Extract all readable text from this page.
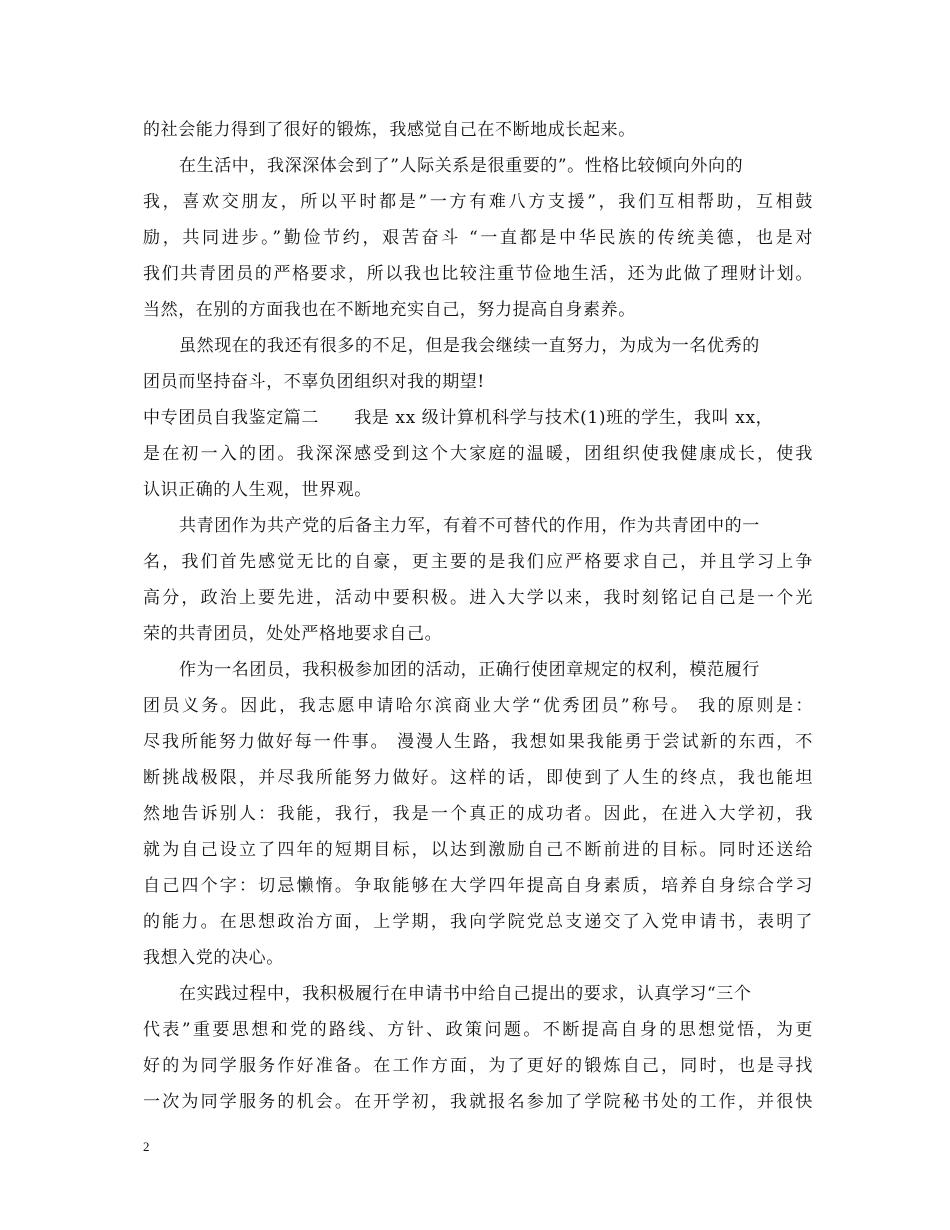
的社会能力得到了很好的锻炼，我感觉自己在不断地成长起来。
在生活中，我深深体会到了”人际关系是很重要的”。性格比较倾向外向的
我，喜欢交朋友，所以平时都是”一方有难八方支援”，我们互相帮助，互相鼓
励，共同进步。”勤俭节约，艰苦奋斗 “一直都是中华民族的传统美德，也是对
我们共青团员的严格要求，所以我也比较注重节俭地生活，还为此做了理财计划。
当然，在别的方面我也在不断地充实自己，努力提高自身素养。
虽然现在的我还有很多的不足，但是我会继续一直努力，为成为一名优秀的
团员而坚持奋斗，不辜负团组织对我的期望!
中专团员自我鉴定篇二　　我是 xx 级计算机科学与技术(1)班的学生，我叫 xx，
是在初一入的团。我深深感受到这个大家庭的温暖，团组织使我健康成长，使我
认识正确的人生观，世界观。
共青团作为共产党的后备主力军，有着不可替代的作用，作为共青团中的一
名，我们首先感觉无比的自豪，更主要的是我们应严格要求自己，并且学习上争
高分，政治上要先进，活动中要积极。进入大学以来，我时刻铭记自己是一个光
荣的共青团员，处处严格地要求自己。
作为一名团员，我积极参加团的活动，正确行使团章规定的权利，模范履行
团员义务。因此，我志愿申请哈尔滨商业大学“优秀团员”称号。 我的原则是：
尽我所能努力做好每一件事。 漫漫人生路，我想如果我能勇于尝试新的东西，不
断挑战极限，并尽我所能努力做好。这样的话，即使到了人生的终点，我也能坦
然地告诉别人：我能，我行，我是一个真正的成功者。因此，在进入大学初，我
就为自己设立了四年的短期目标，以达到激励自己不断前进的目标。同时还送给
自己四个字：切忌懒惰。争取能够在大学四年提高自身素质，培养自身综合学习
的能力。在思想政治方面，上学期，我向学院党总支递交了入党申请书，表明了
我想入党的决心。
在实践过程中，我积极履行在申请书中给自己提出的要求，认真学习“三个
代表”重要思想和党的路线、方针、政策问题。不断提高自身的思想觉悟，为更
好的为同学服务作好准备。在工作方面，为了更好的锻炼自己，同时，也是寻找
一次为同学服务的机会。在开学初，我就报名参加了学院秘书处的工作，并很快
2
